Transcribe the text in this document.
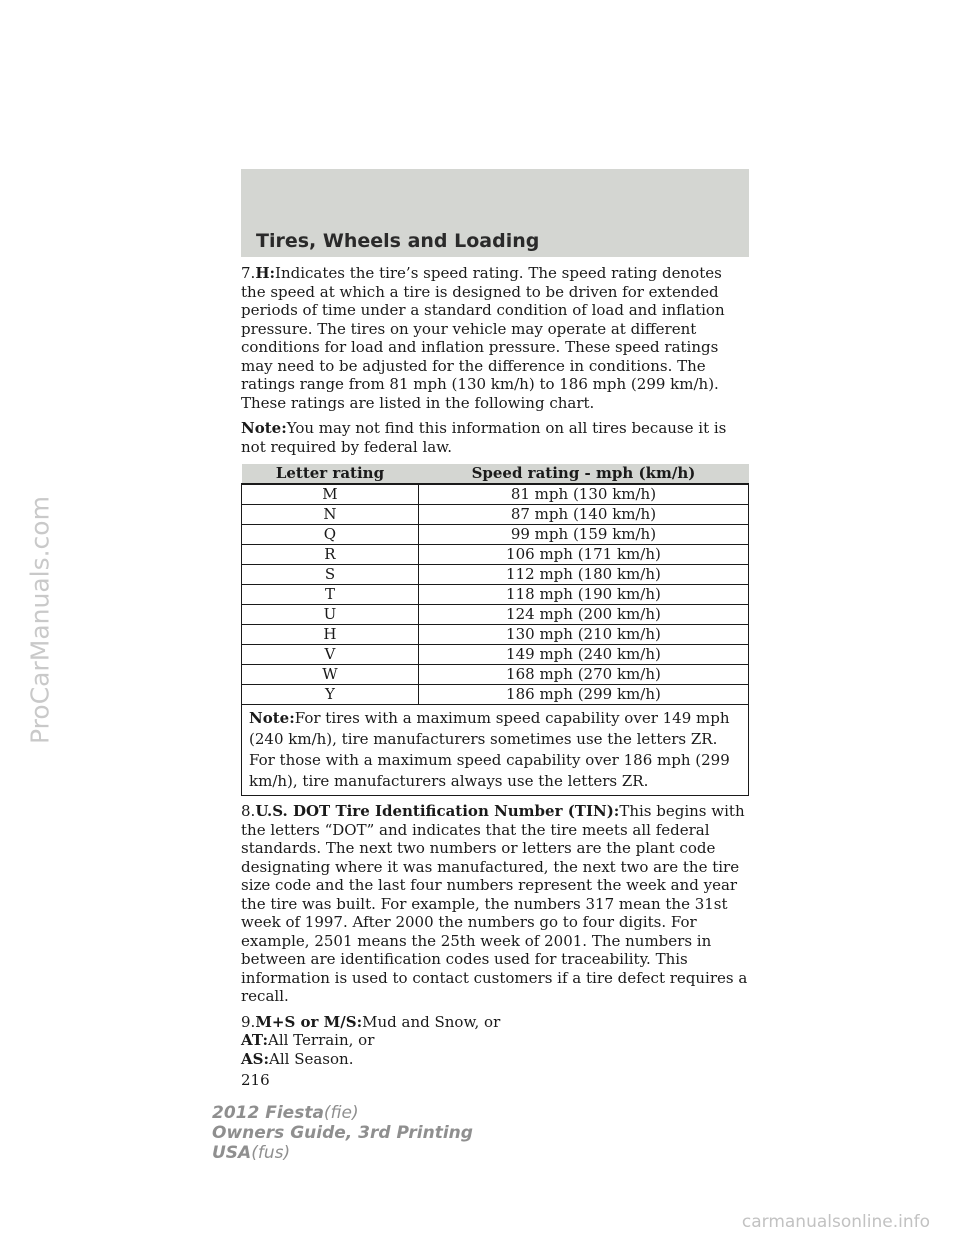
Tires, Wheels and Loading

7.H:Indicates the tire’s speed rating. The speed rating denotes the speed at which a tire is designed to be driven for extended periods of time under a standard condition of load and inflation pressure. The tires on your vehicle may operate at different conditions for load and inflation pressure. These speed ratings may need to be adjusted for the difference in conditions. The ratings range from 81 mph (130 km/h) to 186 mph (299 km/h). These ratings are listed in the following chart.

Note:You may not find this information on all tires because it is not required by federal law.

Letter rating	Speed rating - mph (km/h)
M	81 mph (130 km/h)
N	87 mph (140 km/h)
Q	99 mph (159 km/h)
R	106 mph (171 km/h)
S	112 mph (180 km/h)
T	118 mph (190 km/h)
U	124 mph (200 km/h)
H	130 mph (210 km/h)
V	149 mph (240 km/h)
W	168 mph (270 km/h)
Y	186 mph (299 km/h)
Note:For tires with a maximum speed capability over 149 mph (240 km/h), tire manufacturers sometimes use the letters ZR. For those with a maximum speed capability over 186 mph (299 km/h), tire manufacturers always use the letters ZR.	

8.U.S. DOT Tire Identification Number (TIN):This begins with the letters “DOT” and indicates that the tire meets all federal standards. The next two numbers or letters are the plant code designating where it was manufactured, the next two are the tire size code and the last four numbers represent the week and year the tire was built. For example, the numbers 317 mean the 31st week of 1997. After 2000 the numbers go to four digits. For example, 2501 means the 25th week of 2001. The numbers in between are identification codes used for traceability. This information is used to contact customers if a tire defect requires a recall.

9.M+S or M/S:Mud and Snow, or
AT:All Terrain, or
AS:All Season.
216
2012 Fiesta(fie)
Owners Guide, 3rd Printing
USA(fus)
ProCarManuals.com
carmanualsonline.info
